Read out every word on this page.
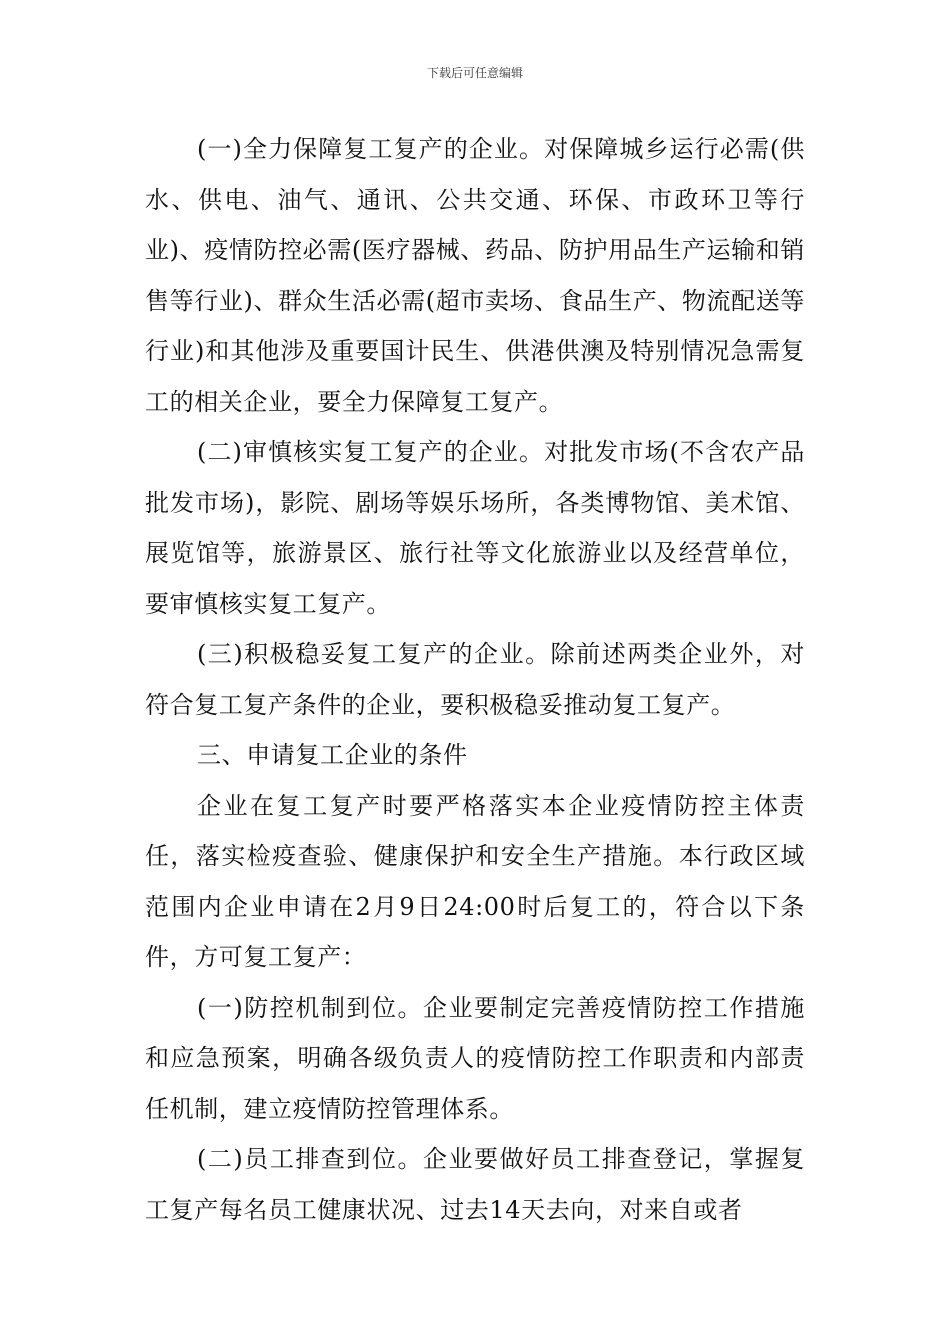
下载后可任意编辑

(一)全力保障复工复产的企业。对保障城乡运行必需(供水、供电、油气、通讯、公共交通、环保、市政环卫等行业)、疫情防控必需(医疗器械、药品、防护用品生产运输和销售等行业)、群众生活必需(超市卖场、食品生产、物流配送等行业)和其他涉及重要国计民生、供港供澳及特别情况急需复工的相关企业，要全力保障复工复产。

(二)审慎核实复工复产的企业。对批发市场(不含农产品批发市场)，影院、剧场等娱乐场所，各类博物馆、美术馆、展览馆等，旅游景区、旅行社等文化旅游业以及经营单位，要审慎核实复工复产。

(三)积极稳妥复工复产的企业。除前述两类企业外，对符合复工复产条件的企业，要积极稳妥推动复工复产。

三、申请复工企业的条件

企业在复工复产时要严格落实本企业疫情防控主体责任，落实检疫查验、健康保护和安全生产措施。本行政区域范围内企业申请在2月9日24:00时后复工的，符合以下条件，方可复工复产：

(一)防控机制到位。企业要制定完善疫情防控工作措施和应急预案，明确各级负责人的疫情防控工作职责和内部责任机制，建立疫情防控管理体系。

(二)员工排查到位。企业要做好员工排查登记，掌握复工复产每名员工健康状况、过去14天去向，对来自或者
